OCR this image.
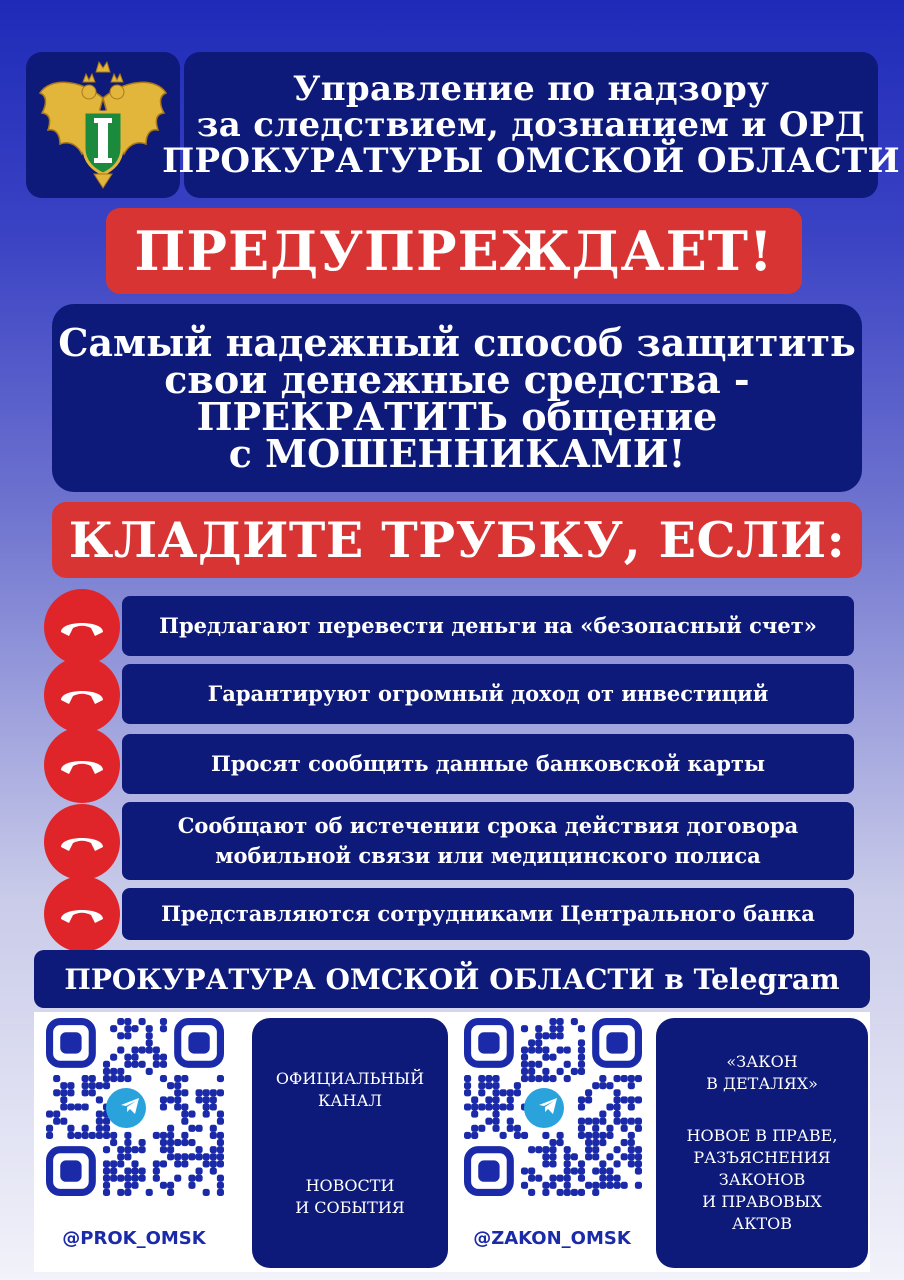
Управление по надзору
за следствием, дознанием и ОРД
ПРОКУРАТУРЫ ОМСКОЙ ОБЛАСТИ
ПРЕДУПРЕЖДАЕТ!
Самый надежный способ защитить
свои денежные средства -
ПРЕКРАТИТЬ общение
с МОШЕННИКАМИ!
КЛАДИТЕ ТРУБКУ, ЕСЛИ:
Предлагают перевести деньги на «безопасный счет»
Гарантируют огромный доход от инвестиций
Просят сообщить данные банковской карты
Сообщают об истечении срока действия договора
мобильной связи или медицинского полиса
Представляются сотрудниками Центрального банка
ПРОКУРАТУРА ОМСКОЙ ОБЛАСТИ в Telegram
@PROK_OMSK
ОФИЦИАЛЬНЫЙ
КАНАЛ
НОВОСТИ
И СОБЫТИЯ
@ZAKON_OMSK
«ЗАКОН
В ДЕТАЛЯХ»
НОВОЕ В ПРАВЕ,
РАЗЪЯСНЕНИЯ
ЗАКОНОВ
И ПРАВОВЫХ
АКТОВ
